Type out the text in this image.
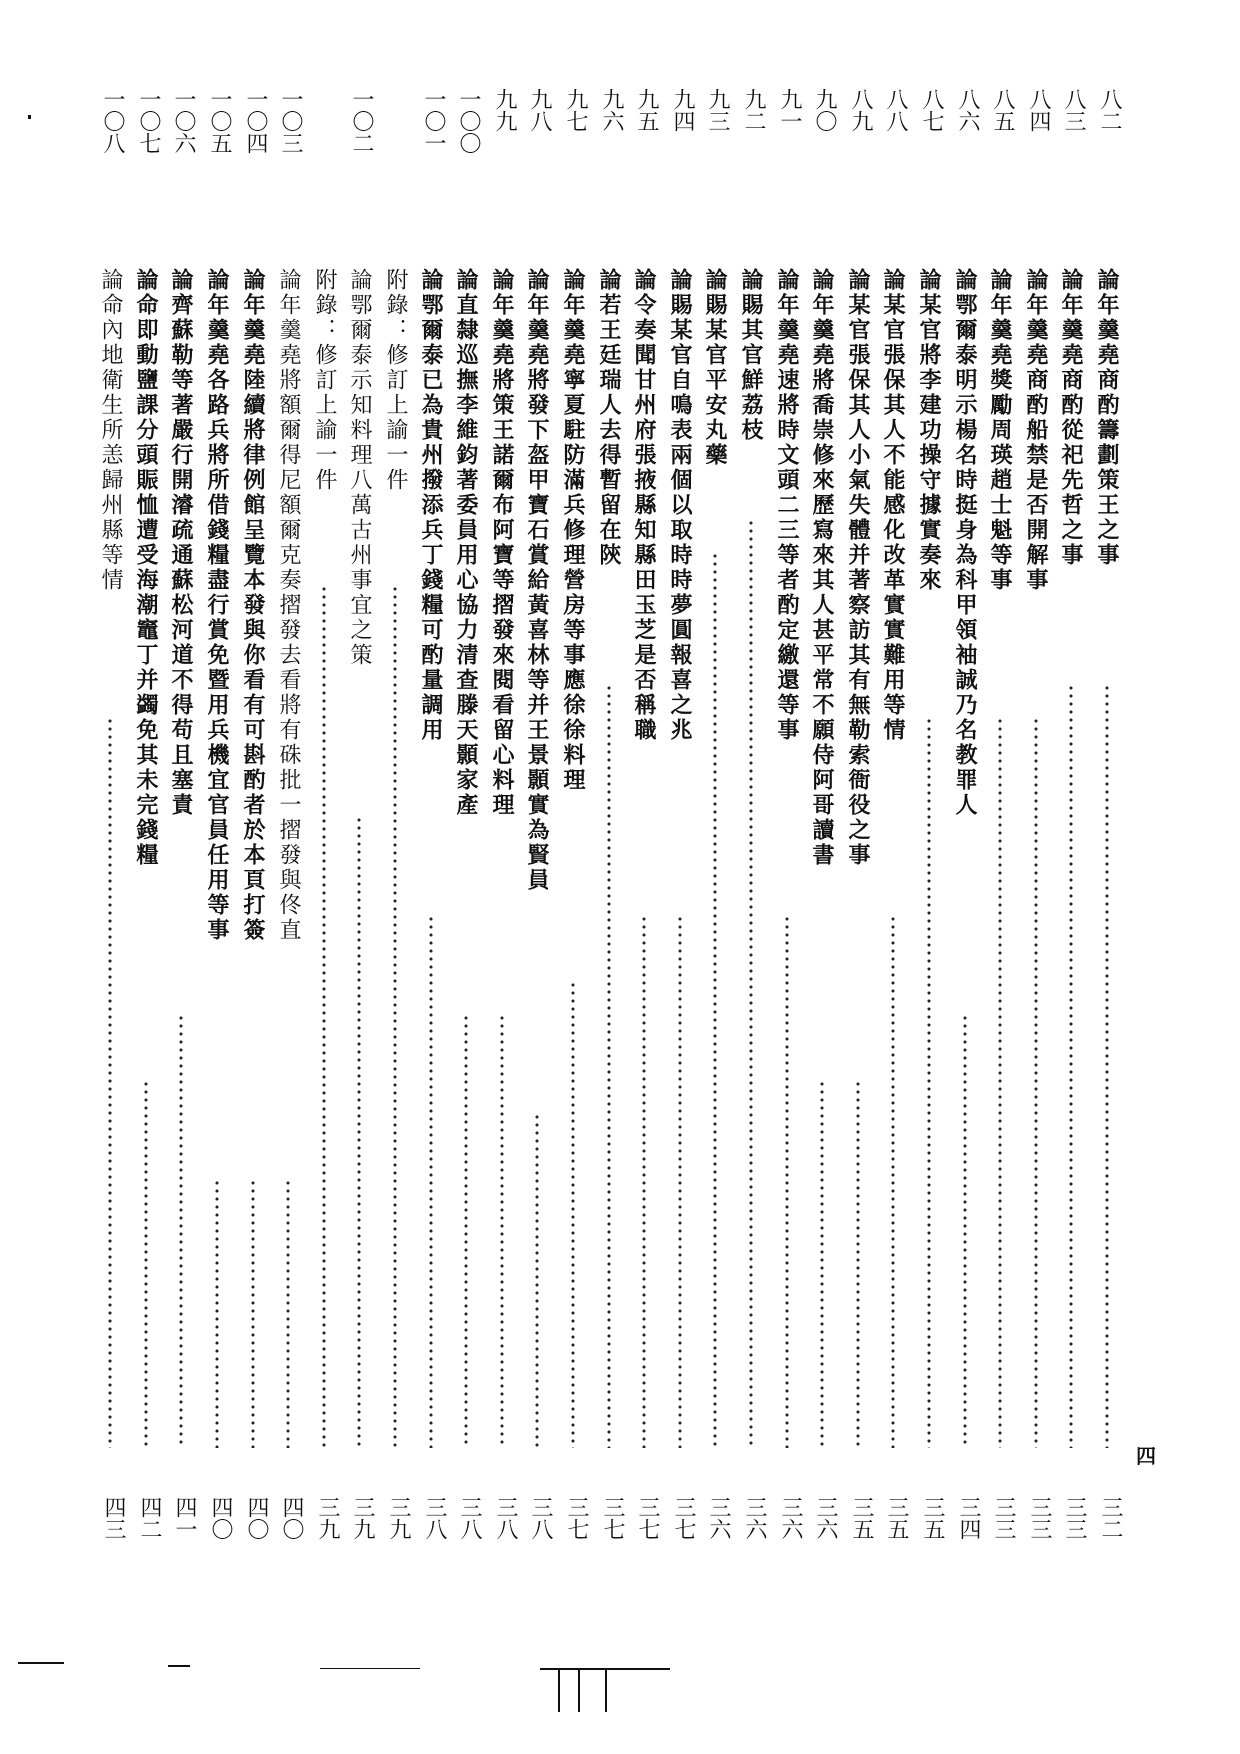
八二
論年羹堯商酌籌劃策王之事
三二
八三
論年羹堯商酌從祀先哲之事
三三
八四
論年羹堯商酌船禁是否開解事
三三
八五
論年羹堯獎勵周瑛趙士魁等事
三三
八六
論鄂爾泰明示楊名時挺身為科甲領袖誠乃名教罪人
三四
八七
論某官將李建功操守據實奏來
三五
八八
論某官張保其人不能感化改革實實難用等情
三五
八九
論某官張保其人小氣失體并著察訪其有無勒索衙役之事
三五
九〇
論年羹堯將喬崇修來歷寫來其人甚平常不願侍阿哥讀書
三六
九一
論年羹堯速將時文頭二三等者酌定繳還等事
三六
九二
論賜其官鮮荔枝
三六
九三
論賜某官平安丸藥
三六
九四
論賜某官自鳴表兩個以取時時夢圓報喜之兆
三七
九五
論令奏聞甘州府張掖縣知縣田玉芝是否稱職
三七
九六
論若王廷瑞人去得暫留在陝
三七
九七
論年羹堯寧夏駐防滿兵修理營房等事應徐徐料理
三七
九八
論年羹堯將發下盔甲寶石賞給黃喜林等并王景顥實為賢員
三八
九九
論年羹堯將策王諾爾布阿寶等摺發來閱看留心料理
三八
一〇〇
論直隸巡撫李維鈞著委員用心協力清查滕天顥家產
三八
一〇一
論鄂爾泰已為貴州撥添兵丁錢糧可酌量調用
三八
附錄：修訂上諭一件
三九
一〇二
論鄂爾泰示知料理八萬古州事宜之策
三九
附錄：修訂上諭一件
三九
一〇三
論年羹堯將額爾得尼額爾克奏摺發去看將有硃批一摺發與佟直
四〇
一〇四
論年羹堯陸續將律例館呈覽本發與你看有可斟酌者於本頁打簽
四〇
一〇五
論年羹堯各路兵將所借錢糧盡行賞免暨用兵機宜官員任用等事
四〇
一〇六
論齊蘇勒等著嚴行開濬疏通蘇松河道不得苟且塞責
四一
一〇七
論命即動鹽課分頭賑恤遭受海潮竈丁并蠲免其未完錢糧
四二
一〇八
論命內地衛生所恙歸州縣等情
四三
四
